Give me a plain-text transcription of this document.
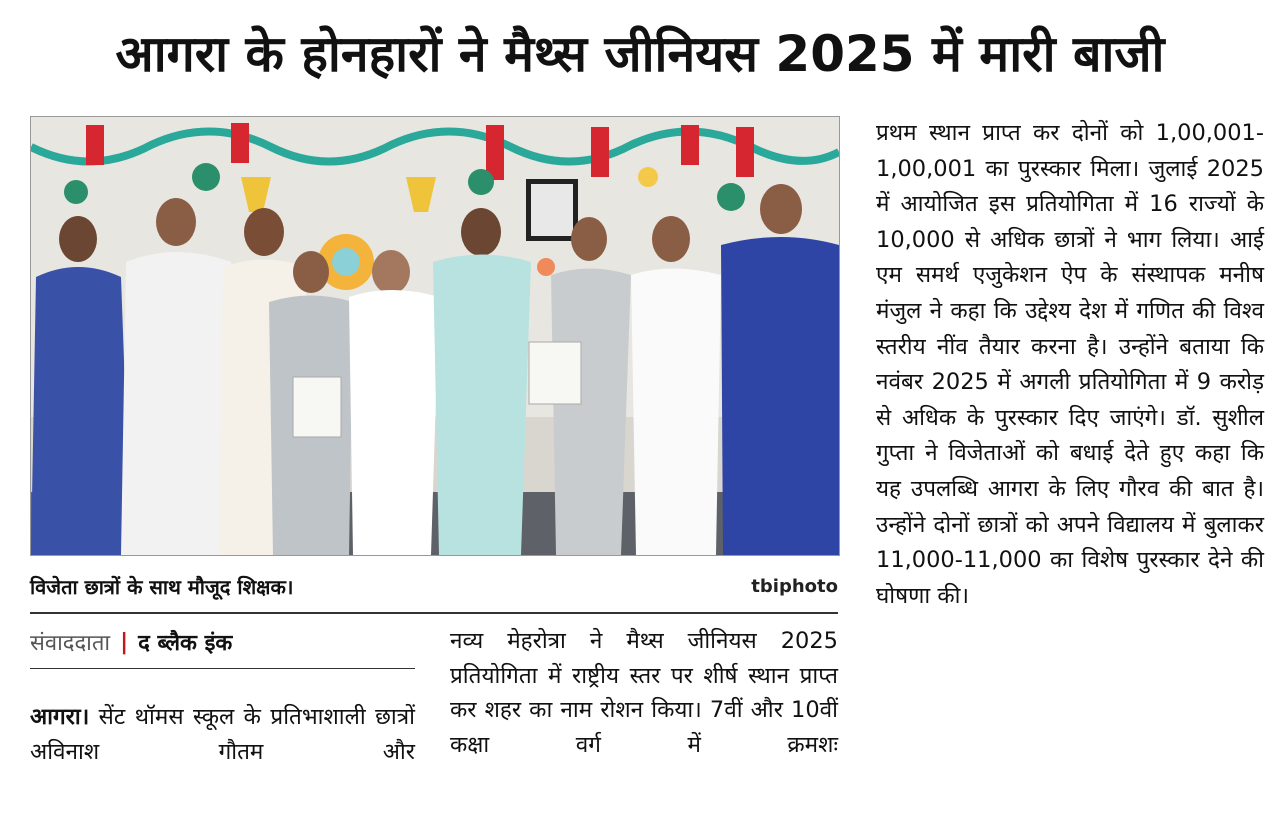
आगरा के होनहारों ने मैथ्स जीनियस 2025 में मारी बाजी
विजेता छात्रों के साथ मौजूद शिक्षक।	tbiphoto
संवाददाता | द ब्लैक इंक

आगरा। सेंट थॉमस स्कूल के प्रतिभाशाली छात्रों अविनाश गौतम और

नव्य मेहरोत्रा ने मैथ्स जीनियस 2025 प्रतियोगिता में राष्ट्रीय स्तर पर शीर्ष स्थान प्राप्त कर शहर का नाम रोशन किया। 7वीं और 10वीं कक्षा वर्ग में क्रमशः

प्रथम स्थान प्राप्त कर दोनों को 1,00,001-1,00,001 का पुरस्कार मिला। जुलाई 2025 में आयोजित इस प्रतियोगिता में 16 राज्यों के 10,000 से अधिक छात्रों ने भाग लिया। आई एम समर्थ एजुकेशन ऐप के संस्थापक मनीष मंजुल ने कहा कि उद्देश्य देश में गणित की विश्व स्तरीय नींव तैयार करना है। उन्होंने बताया कि नवंबर 2025 में अगली प्रतियोगिता में 9 करोड़ से अधिक के पुरस्कार दिए जाएंगे। डॉ. सुशील गुप्ता ने विजेताओं को बधाई देते हुए कहा कि यह उपलब्धि आगरा के लिए गौरव की बात है। उन्होंने दोनों छात्रों को अपने विद्यालय में बुलाकर 11,000-11,000 का विशेष पुरस्कार देने की घोषणा की।
